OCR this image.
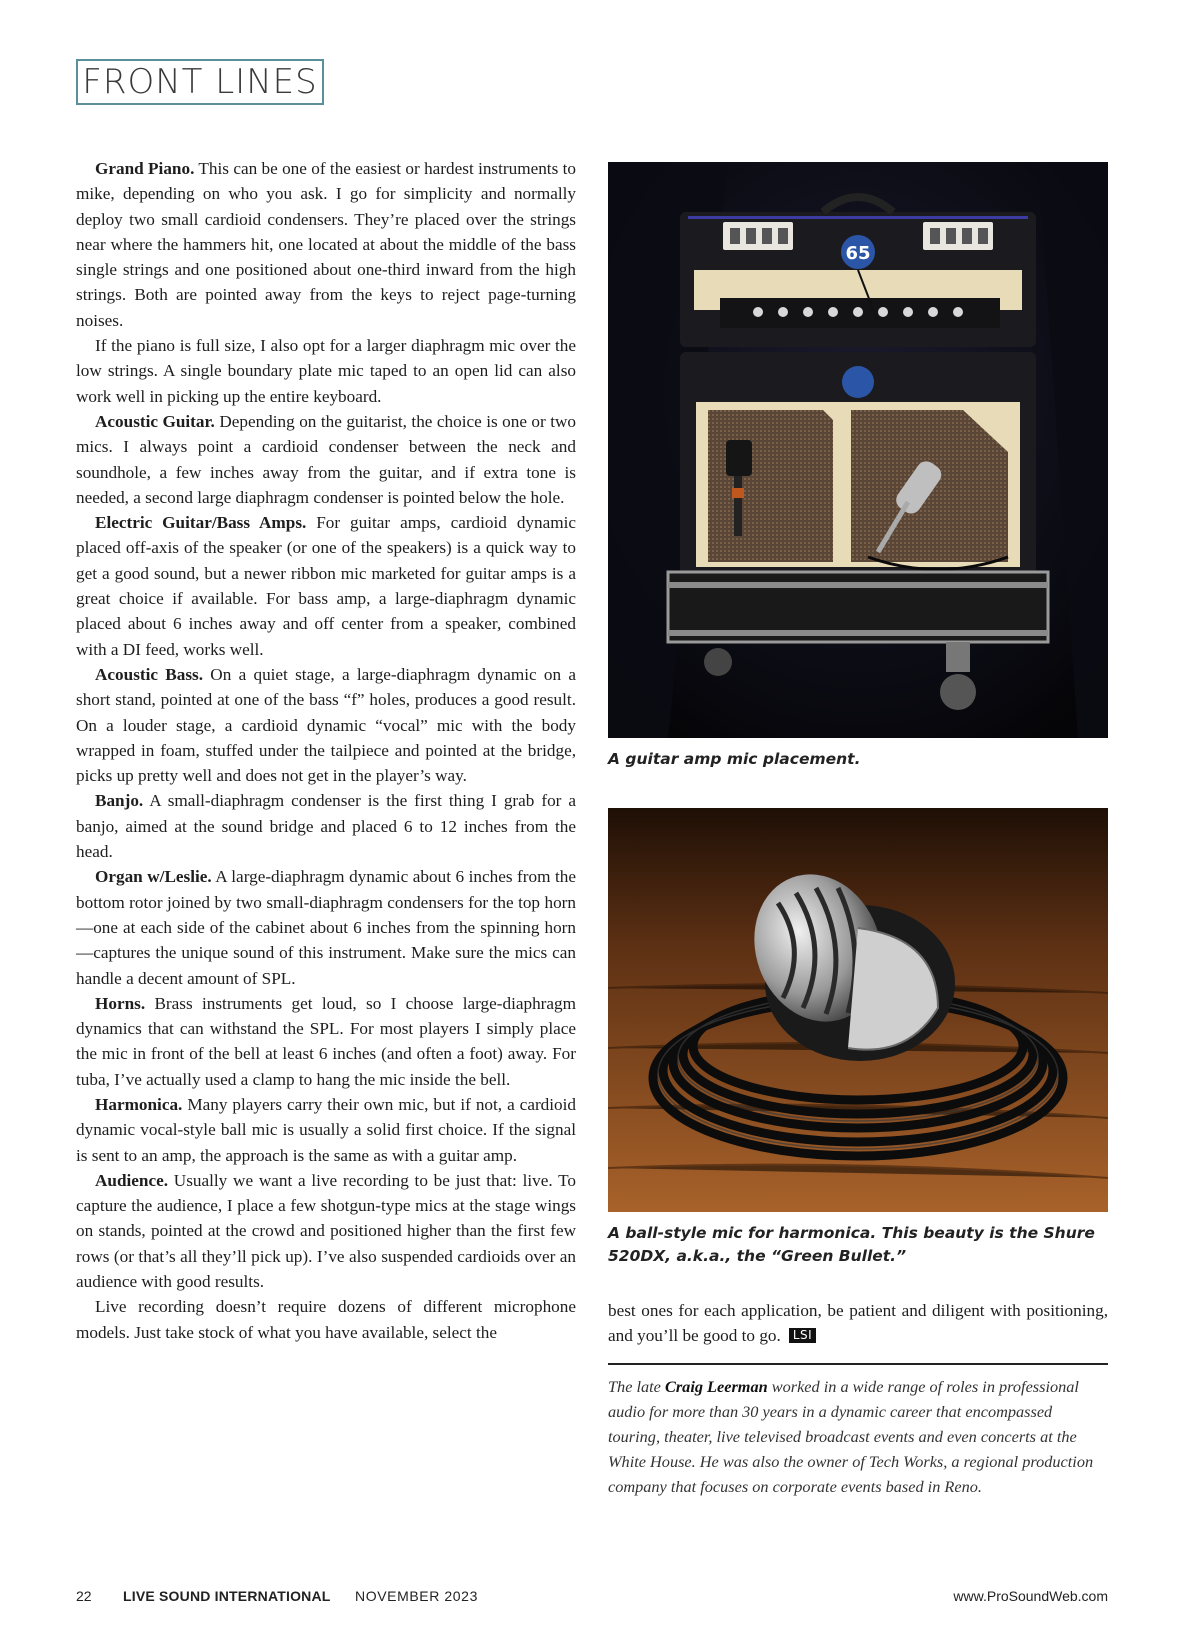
FRONT LINES

Grand Piano. This can be one of the easiest or hardest instruments to mike, depending on who you ask. I go for simplicity and normally deploy two small cardioid condensers. They’re placed over the strings near where the hammers hit, one located at about the middle of the bass single strings and one positioned about one-third inward from the high strings. Both are pointed away from the keys to reject page-turning noises.

If the piano is full size, I also opt for a larger diaphragm mic over the low strings. A single boundary plate mic taped to an open lid can also work well in picking up the entire keyboard.

Acoustic Guitar. Depending on the guitarist, the choice is one or two mics. I always point a cardioid condenser between the neck and soundhole, a few inches away from the guitar, and if extra tone is needed, a second large diaphragm condenser is pointed below the hole.

Electric Guitar/Bass Amps. For guitar amps, cardioid dynamic placed off-axis of the speaker (or one of the speakers) is a quick way to get a good sound, but a newer ribbon mic marketed for guitar amps is a great choice if available. For bass amp, a large-diaphragm dynamic placed about 6 inches away and off center from a speaker, combined with a DI feed, works well.

Acoustic Bass. On a quiet stage, a large-diaphragm dynamic on a short stand, pointed at one of the bass “f” holes, produces a good result. On a louder stage, a cardioid dynamic “vocal” mic with the body wrapped in foam, stuffed under the tailpiece and pointed at the bridge, picks up pretty well and does not get in the player’s way.

Banjo. A small-diaphragm condenser is the first thing I grab for a banjo, aimed at the sound bridge and placed 6 to 12 inches from the head.

Organ w/Leslie. A large-diaphragm dynamic about 6 inches from the bottom rotor joined by two small-diaphragm condensers for the top horn—one at each side of the cabinet about 6 inches from the spinning horn—captures the unique sound of this instrument. Make sure the mics can handle a decent amount of SPL.

Horns. Brass instruments get loud, so I choose large-diaphragm dynamics that can withstand the SPL. For most players I simply place the mic in front of the bell at least 6 inches (and often a foot) away. For tuba, I’ve actually used a clamp to hang the mic inside the bell.

Harmonica. Many players carry their own mic, but if not, a cardioid dynamic vocal-style ball mic is usually a solid first choice. If the signal is sent to an amp, the approach is the same as with a guitar amp.

Audience. Usually we want a live recording to be just that: live. To capture the audience, I place a few shotgun-type mics at the stage wings on stands, pointed at the crowd and positioned higher than the first few rows (or that’s all they’ll pick up). I’ve also suspended cardioids over an audience with good results.

Live recording doesn’t require dozens of different microphone models. Just take stock of what you have available, select the

65
A guitar amp mic placement.
A ball-style mic for harmonica. This beauty is the Shure 520DX, a.k.a., the “Green Bullet.”

best ones for each application, be patient and diligent with positioning, and you’ll be good to go. LSI

The late Craig Leerman worked in a wide range of roles in professional audio for more than 30 years in a dynamic career that encompassed touring, theater, live televised broadcast events and even concerts at the White House. He was also the owner of Tech Works, a regional production company that focuses on corporate events based in Reno.

22 LIVE SOUND INTERNATIONAL NOVEMBER 2023	www.ProSoundWeb.com
